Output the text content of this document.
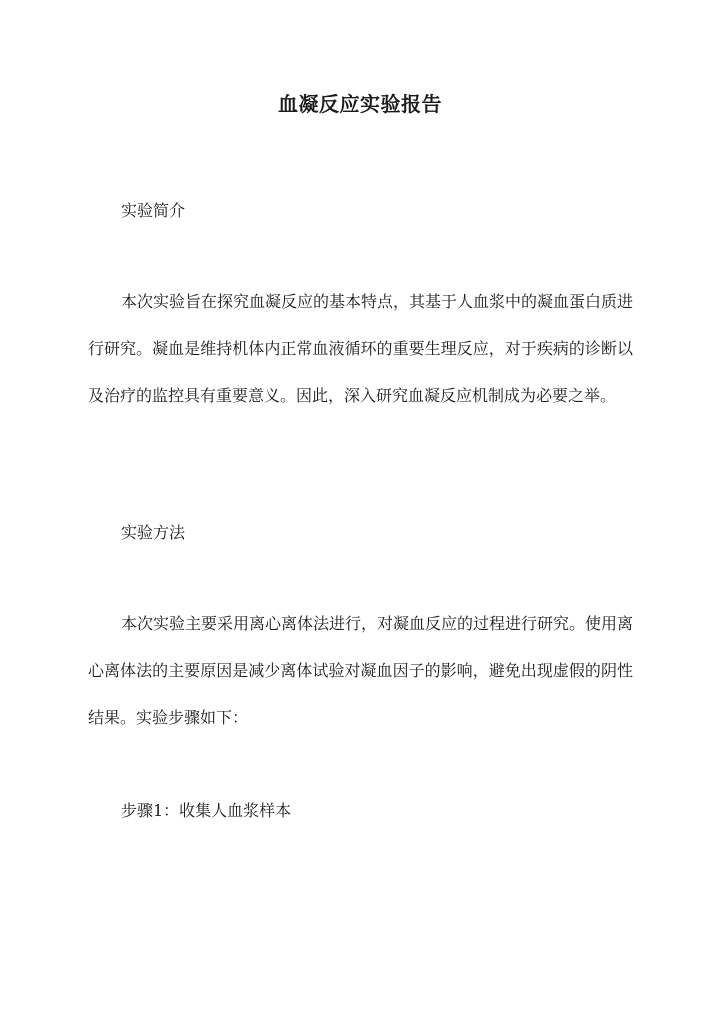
血凝反应实验报告
实验简介

本次实验旨在探究血凝反应的基本特点，其基于人血浆中的凝血蛋白质进行研究。凝血是维持机体内正常血液循环的重要生理反应，对于疾病的诊断以及治疗的监控具有重要意义。因此，深入研究血凝反应机制成为必要之举。

实验方法

本次实验主要采用离心离体法进行，对凝血反应的过程进行研究。使用离心离体法的主要原因是减少离体试验对凝血因子的影响，避免出现虚假的阴性结果。实验步骤如下：

步骤1：收集人血浆样本
